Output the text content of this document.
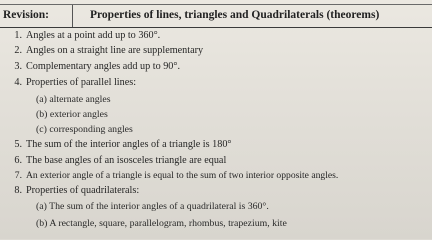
Revision:	Properties of lines, triangles and Quadrilaterals (theorems)
1. Angles at a point add up to 360°.
2. Angles on a straight line are supplementary
3. Complementary angles add up to 90°.
4. Properties of parallel lines:
(a) alternate angles
(b) exterior angles
(c) corresponding angles
5. The sum of the interior angles of a triangle is 180°
6. The base angles of an isosceles triangle are equal
7. An exterior angle of a triangle is equal to the sum of two interior opposite angles.
8. Properties of quadrilaterals:
(a) The sum of the interior angles of a quadrilateral is 360°.
(b) A rectangle, square, parallelogram, rhombus, trapezium, kite
